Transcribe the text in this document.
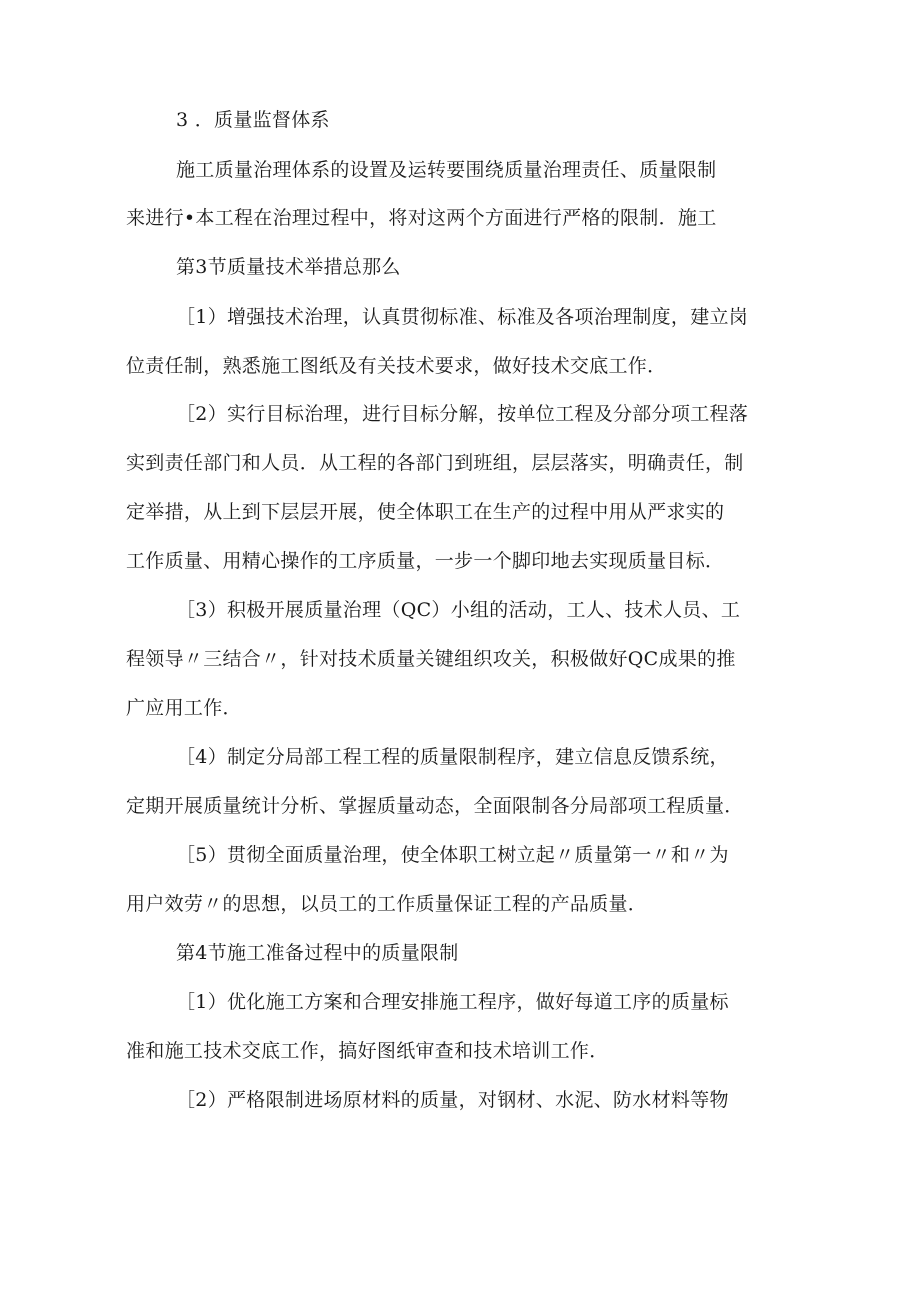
3 ．质量监督体系
施工质量治理体系的设置及运转要围绕质量治理责任、质量限制
来进行•本工程在治理过程中，将对这两个方面进行严格的限制．施工
第3节质量技术举措总那么
［1）增强技术治理，认真贯彻标准、标准及各项治理制度，建立岗
位责任制，熟悉施工图纸及有关技术要求，做好技术交底工作．
［2）实行目标治理，进行目标分解，按单位工程及分部分项工程落
实到责任部门和人员．从工程的各部门到班组，层层落实，明确责任，制
定举措，从上到下层层开展，使全体职工在生产的过程中用从严求实的
工作质量、用精心操作的工序质量，一步一个脚印地去实现质量目标．
［3）积极开展质量治理（QC）小组的活动，工人、技术人员、工
程领导〃三结合〃，针对技术质量关键组织攻关，积极做好QC成果的推
广应用工作．
［4）制定分局部工程工程的质量限制程序，建立信息反馈系统，
定期开展质量统计分析、掌握质量动态，全面限制各分局部项工程质量．
［5）贯彻全面质量治理，使全体职工树立起〃质量第一〃和〃为
用户效劳〃的思想，以员工的工作质量保证工程的产品质量．
第4节施工准备过程中的质量限制
［1）优化施工方案和合理安排施工程序，做好每道工序的质量标
准和施工技术交底工作，搞好图纸审查和技术培训工作．
［2）严格限制进场原材料的质量，对钢材、水泥、防水材料等物
